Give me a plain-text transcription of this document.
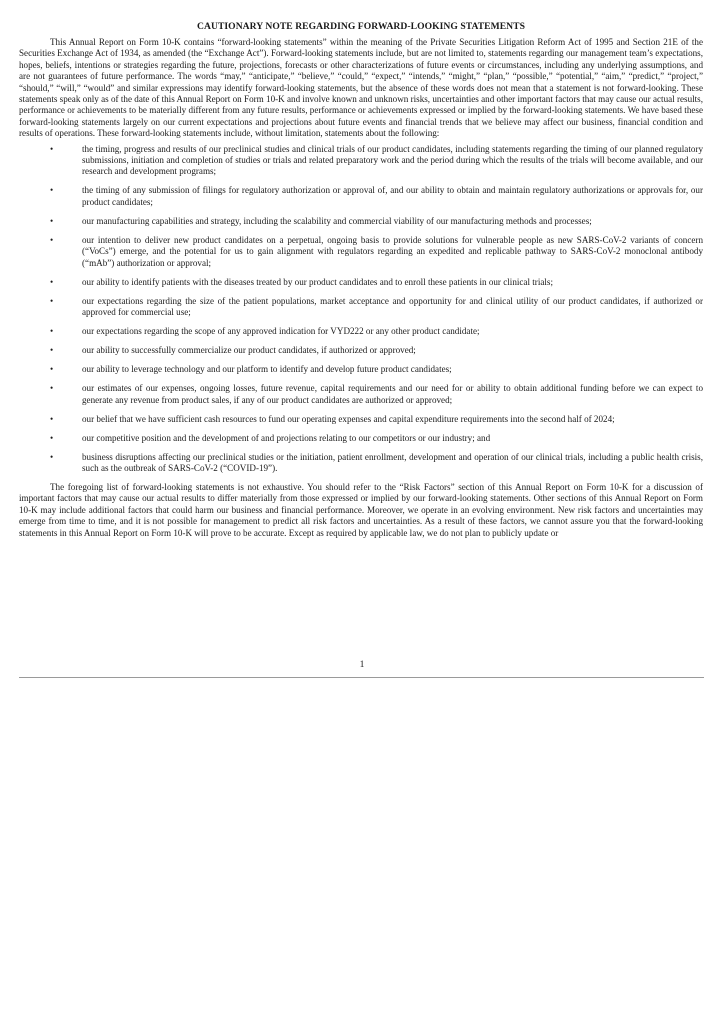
CAUTIONARY NOTE REGARDING FORWARD-LOOKING STATEMENTS

This Annual Report on Form 10-K contains “forward-looking statements” within the meaning of the Private Securities Litigation Reform Act of 1995 and Section 21E of the Securities Exchange Act of 1934, as amended (the “Exchange Act”). Forward-looking statements include, but are not limited to, statements regarding our management team’s expectations, hopes, beliefs, intentions or strategies regarding the future, projections, forecasts or other characterizations of future events or circumstances, including any underlying assumptions, and are not guarantees of future performance. The words “may,” “anticipate,” “believe,” “could,” “expect,” “intends,” “might,” “plan,” “possible,” “potential,” “aim,” “predict,” “project,” “should,” “will,” “would” and similar expressions may identify forward-looking statements, but the absence of these words does not mean that a statement is not forward-looking. These statements speak only as of the date of this Annual Report on Form 10-K and involve known and unknown risks, uncertainties and other important factors that may cause our actual results, performance or achievements to be materially different from any future results, performance or achievements expressed or implied by the forward-looking statements. We have based these forward-looking statements largely on our current expectations and projections about future events and financial trends that we believe may affect our business, financial condition and results of operations. These forward-looking statements include, without limitation, statements about the following:

•	the timing, progress and results of our preclinical studies and clinical trials of our product candidates, including statements regarding the timing of our planned regulatory submissions, initiation and completion of studies or trials and related preparatory work and the period during which the results of the trials will become available, and our research and development programs;
•	the timing of any submission of filings for regulatory authorization or approval of, and our ability to obtain and maintain regulatory authorizations or approvals for, our product candidates;
•	our manufacturing capabilities and strategy, including the scalability and commercial viability of our manufacturing methods and processes;
•	our intention to deliver new product candidates on a perpetual, ongoing basis to provide solutions for vulnerable people as new SARS-CoV-2 variants of concern (“VoCs”) emerge, and the potential for us to gain alignment with regulators regarding an expedited and replicable pathway to SARS-CoV-2 monoclonal antibody (“mAb”) authorization or approval;
•	our ability to identify patients with the diseases treated by our product candidates and to enroll these patients in our clinical trials;
•	our expectations regarding the size of the patient populations, market acceptance and opportunity for and clinical utility of our product candidates, if authorized or approved for commercial use;
•	our expectations regarding the scope of any approved indication for VYD222 or any other product candidate;
•	our ability to successfully commercialize our product candidates, if authorized or approved;
•	our ability to leverage technology and our platform to identify and develop future product candidates;
•	our estimates of our expenses, ongoing losses, future revenue, capital requirements and our need for or ability to obtain additional funding before we can expect to generate any revenue from product sales, if any of our product candidates are authorized or approved;
•	our belief that we have sufficient cash resources to fund our operating expenses and capital expenditure requirements into the second half of 2024;
•	our competitive position and the development of and projections relating to our competitors or our industry; and
•	business disruptions affecting our preclinical studies or the initiation, patient enrollment, development and operation of our clinical trials, including a public health crisis, such as the outbreak of SARS-CoV-2 (“COVID-19”).

The foregoing list of forward-looking statements is not exhaustive. You should refer to the “Risk Factors” section of this Annual Report on Form 10-K for a discussion of important factors that may cause our actual results to differ materially from those expressed or implied by our forward-looking statements. Other sections of this Annual Report on Form 10-K may include additional factors that could harm our business and financial performance. Moreover, we operate in an evolving environment. New risk factors and uncertainties may emerge from time to time, and it is not possible for management to predict all risk factors and uncertainties. As a result of these factors, we cannot assure you that the forward-looking statements in this Annual Report on Form 10-K will prove to be accurate. Except as required by applicable law, we do not plan to publicly update or

1
